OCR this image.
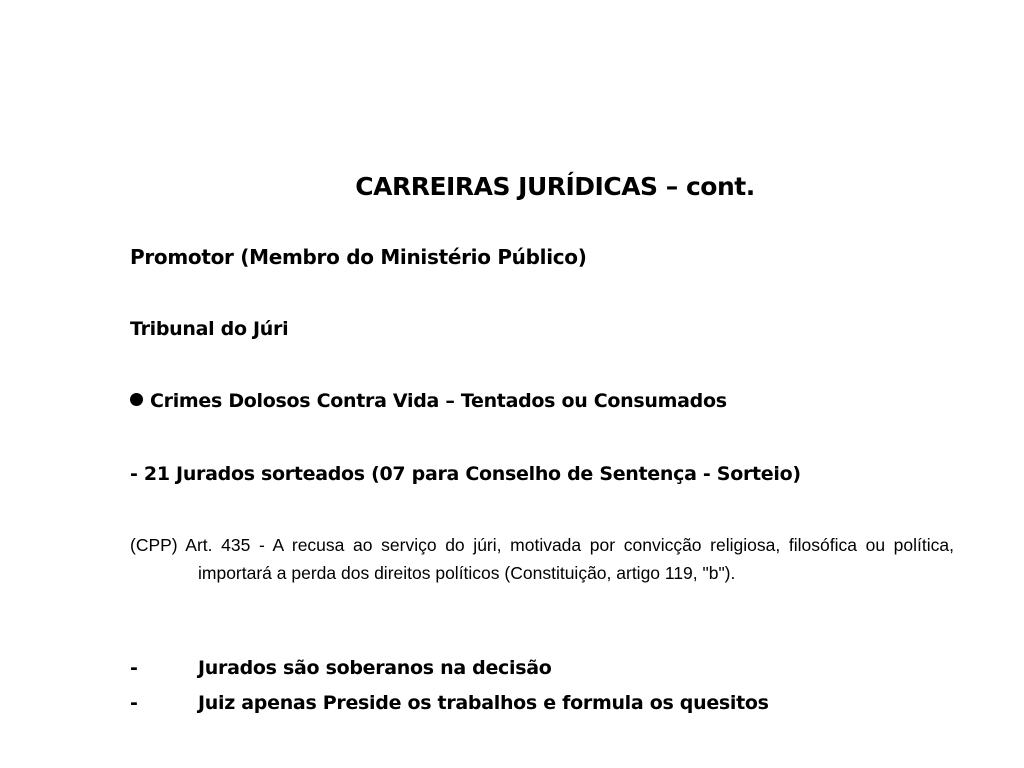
CARREIRAS JURÍDICAS – cont.
Promotor (Membro do Ministério Público)
Tribunal do Júri
Crimes Dolosos Contra Vida – Tentados ou Consumados
- 21 Jurados sorteados (07 para Conselho de Sentença - Sorteio)
(CPP) Art. 435 - A recusa ao serviço do júri, motivada por convicção religiosa, filosófica ou política, importará a perda dos direitos políticos (Constituição, artigo 119, "b").
-	Jurados são soberanos na decisão
-	Juiz apenas Preside os trabalhos e formula os quesitos
